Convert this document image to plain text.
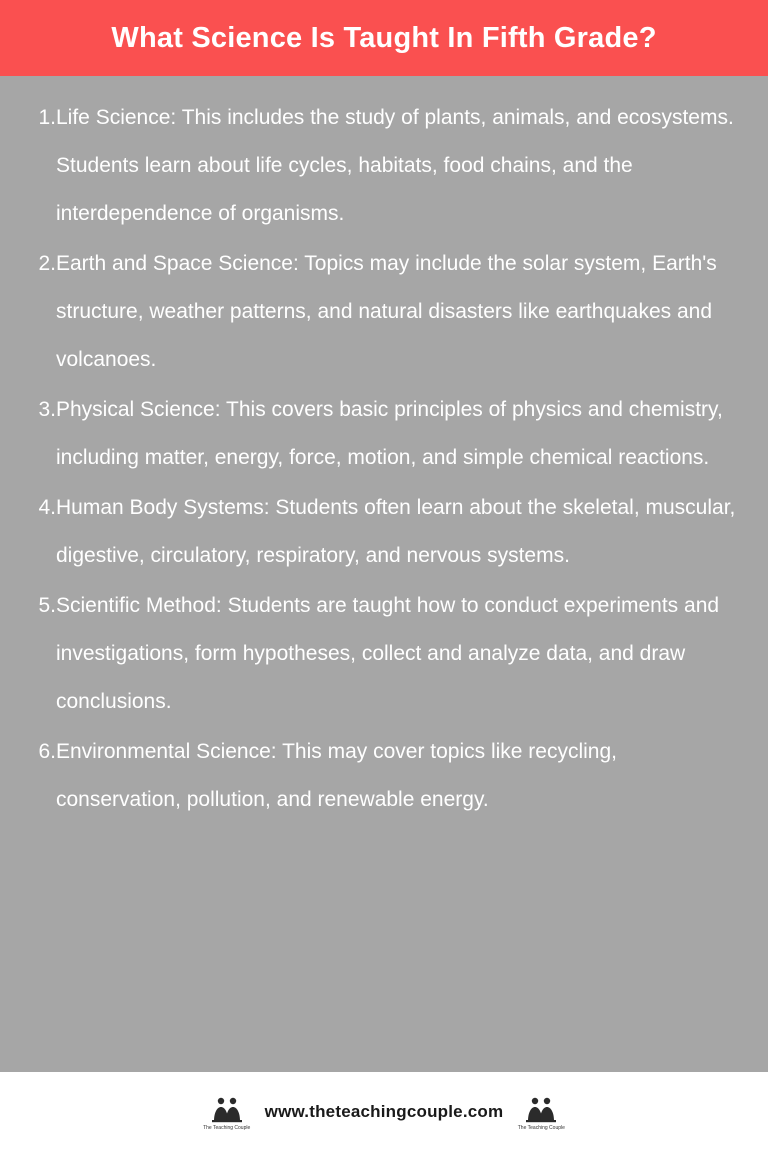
What Science Is Taught In Fifth Grade?
Life Science: This includes the study of plants, animals, and ecosystems. Students learn about life cycles, habitats, food chains, and the interdependence of organisms.
Earth and Space Science: Topics may include the solar system, Earth's structure, weather patterns, and natural disasters like earthquakes and volcanoes.
Physical Science: This covers basic principles of physics and chemistry, including matter, energy, force, motion, and simple chemical reactions.
Human Body Systems: Students often learn about the skeletal, muscular, digestive, circulatory, respiratory, and nervous systems.
Scientific Method: Students are taught how to conduct experiments and investigations, form hypotheses, collect and analyze data, and draw conclusions.
Environmental Science: This may cover topics like recycling, conservation, pollution, and renewable energy.
The Teaching Couple
www.theteachingcouple.com
The Teaching Couple
